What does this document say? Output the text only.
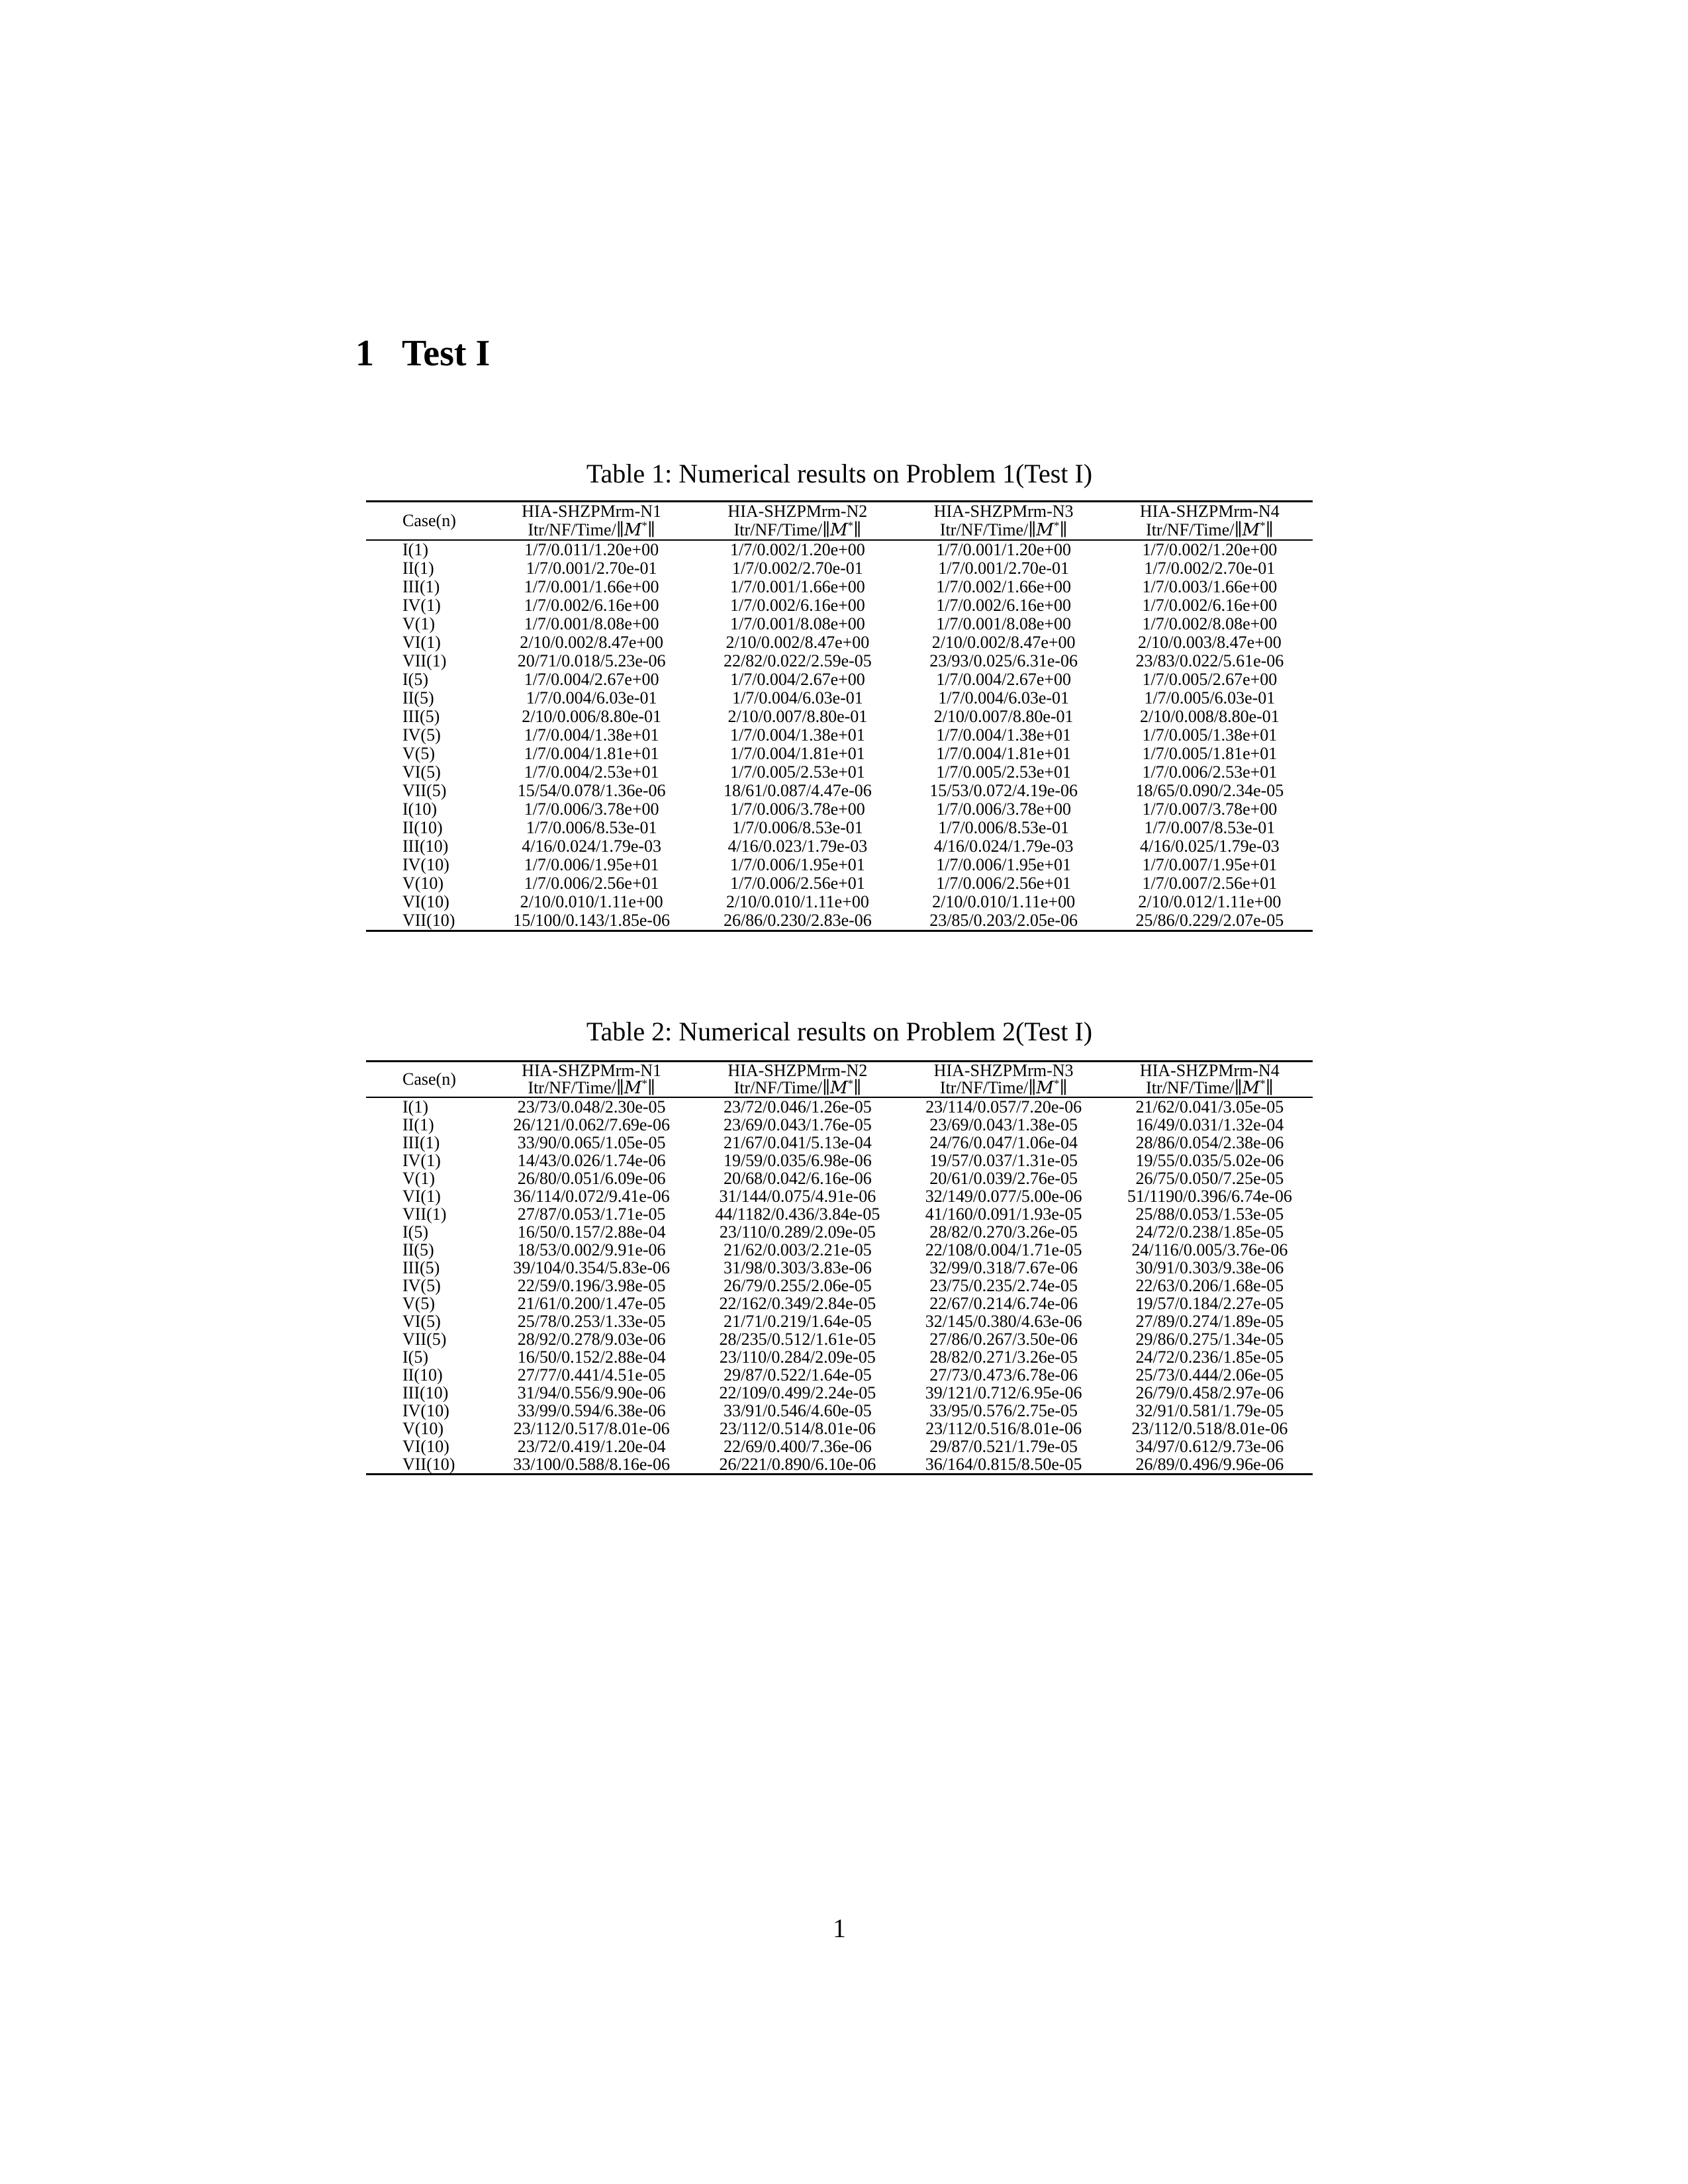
1 Test I
Table 1: Numerical results on Problem 1(Test I)
Case(n)	HIA-SHZPMrm-N1	HIA-SHZPMrm-N2	HIA-SHZPMrm-N3	HIA-SHZPMrm-N4
	Itr/NF/Time/∥M*∥	Itr/NF/Time/∥M*∥	Itr/NF/Time/∥M*∥	Itr/NF/Time/∥M*∥
I(1)	1/7/0.011/1.20e+00	1/7/0.002/1.20e+00	1/7/0.001/1.20e+00	1/7/0.002/1.20e+00
II(1)	1/7/0.001/2.70e-01	1/7/0.002/2.70e-01	1/7/0.001/2.70e-01	1/7/0.002/2.70e-01
III(1)	1/7/0.001/1.66e+00	1/7/0.001/1.66e+00	1/7/0.002/1.66e+00	1/7/0.003/1.66e+00
IV(1)	1/7/0.002/6.16e+00	1/7/0.002/6.16e+00	1/7/0.002/6.16e+00	1/7/0.002/6.16e+00
V(1)	1/7/0.001/8.08e+00	1/7/0.001/8.08e+00	1/7/0.001/8.08e+00	1/7/0.002/8.08e+00
VI(1)	2/10/0.002/8.47e+00	2/10/0.002/8.47e+00	2/10/0.002/8.47e+00	2/10/0.003/8.47e+00
VII(1)	20/71/0.018/5.23e-06	22/82/0.022/2.59e-05	23/93/0.025/6.31e-06	23/83/0.022/5.61e-06
I(5)	1/7/0.004/2.67e+00	1/7/0.004/2.67e+00	1/7/0.004/2.67e+00	1/7/0.005/2.67e+00
II(5)	1/7/0.004/6.03e-01	1/7/0.004/6.03e-01	1/7/0.004/6.03e-01	1/7/0.005/6.03e-01
III(5)	2/10/0.006/8.80e-01	2/10/0.007/8.80e-01	2/10/0.007/8.80e-01	2/10/0.008/8.80e-01
IV(5)	1/7/0.004/1.38e+01	1/7/0.004/1.38e+01	1/7/0.004/1.38e+01	1/7/0.005/1.38e+01
V(5)	1/7/0.004/1.81e+01	1/7/0.004/1.81e+01	1/7/0.004/1.81e+01	1/7/0.005/1.81e+01
VI(5)	1/7/0.004/2.53e+01	1/7/0.005/2.53e+01	1/7/0.005/2.53e+01	1/7/0.006/2.53e+01
VII(5)	15/54/0.078/1.36e-06	18/61/0.087/4.47e-06	15/53/0.072/4.19e-06	18/65/0.090/2.34e-05
I(10)	1/7/0.006/3.78e+00	1/7/0.006/3.78e+00	1/7/0.006/3.78e+00	1/7/0.007/3.78e+00
II(10)	1/7/0.006/8.53e-01	1/7/0.006/8.53e-01	1/7/0.006/8.53e-01	1/7/0.007/8.53e-01
III(10)	4/16/0.024/1.79e-03	4/16/0.023/1.79e-03	4/16/0.024/1.79e-03	4/16/0.025/1.79e-03
IV(10)	1/7/0.006/1.95e+01	1/7/0.006/1.95e+01	1/7/0.006/1.95e+01	1/7/0.007/1.95e+01
V(10)	1/7/0.006/2.56e+01	1/7/0.006/2.56e+01	1/7/0.006/2.56e+01	1/7/0.007/2.56e+01
VI(10)	2/10/0.010/1.11e+00	2/10/0.010/1.11e+00	2/10/0.010/1.11e+00	2/10/0.012/1.11e+00
VII(10)	15/100/0.143/1.85e-06	26/86/0.230/2.83e-06	23/85/0.203/2.05e-06	25/86/0.229/2.07e-05
Table 2: Numerical results on Problem 2(Test I)
Case(n)	HIA-SHZPMrm-N1	HIA-SHZPMrm-N2	HIA-SHZPMrm-N3	HIA-SHZPMrm-N4
	Itr/NF/Time/∥M*∥	Itr/NF/Time/∥M*∥	Itr/NF/Time/∥M*∥	Itr/NF/Time/∥M*∥
I(1)	23/73/0.048/2.30e-05	23/72/0.046/1.26e-05	23/114/0.057/7.20e-06	21/62/0.041/3.05e-05
II(1)	26/121/0.062/7.69e-06	23/69/0.043/1.76e-05	23/69/0.043/1.38e-05	16/49/0.031/1.32e-04
III(1)	33/90/0.065/1.05e-05	21/67/0.041/5.13e-04	24/76/0.047/1.06e-04	28/86/0.054/2.38e-06
IV(1)	14/43/0.026/1.74e-06	19/59/0.035/6.98e-06	19/57/0.037/1.31e-05	19/55/0.035/5.02e-06
V(1)	26/80/0.051/6.09e-06	20/68/0.042/6.16e-06	20/61/0.039/2.76e-05	26/75/0.050/7.25e-05
VI(1)	36/114/0.072/9.41e-06	31/144/0.075/4.91e-06	32/149/0.077/5.00e-06	51/1190/0.396/6.74e-06
VII(1)	27/87/0.053/1.71e-05	44/1182/0.436/3.84e-05	41/160/0.091/1.93e-05	25/88/0.053/1.53e-05
I(5)	16/50/0.157/2.88e-04	23/110/0.289/2.09e-05	28/82/0.270/3.26e-05	24/72/0.238/1.85e-05
II(5)	18/53/0.002/9.91e-06	21/62/0.003/2.21e-05	22/108/0.004/1.71e-05	24/116/0.005/3.76e-06
III(5)	39/104/0.354/5.83e-06	31/98/0.303/3.83e-06	32/99/0.318/7.67e-06	30/91/0.303/9.38e-06
IV(5)	22/59/0.196/3.98e-05	26/79/0.255/2.06e-05	23/75/0.235/2.74e-05	22/63/0.206/1.68e-05
V(5)	21/61/0.200/1.47e-05	22/162/0.349/2.84e-05	22/67/0.214/6.74e-06	19/57/0.184/2.27e-05
VI(5)	25/78/0.253/1.33e-05	21/71/0.219/1.64e-05	32/145/0.380/4.63e-06	27/89/0.274/1.89e-05
VII(5)	28/92/0.278/9.03e-06	28/235/0.512/1.61e-05	27/86/0.267/3.50e-06	29/86/0.275/1.34e-05
I(5)	16/50/0.152/2.88e-04	23/110/0.284/2.09e-05	28/82/0.271/3.26e-05	24/72/0.236/1.85e-05
II(10)	27/77/0.441/4.51e-05	29/87/0.522/1.64e-05	27/73/0.473/6.78e-06	25/73/0.444/2.06e-05
III(10)	31/94/0.556/9.90e-06	22/109/0.499/2.24e-05	39/121/0.712/6.95e-06	26/79/0.458/2.97e-06
IV(10)	33/99/0.594/6.38e-06	33/91/0.546/4.60e-05	33/95/0.576/2.75e-05	32/91/0.581/1.79e-05
V(10)	23/112/0.517/8.01e-06	23/112/0.514/8.01e-06	23/112/0.516/8.01e-06	23/112/0.518/8.01e-06
VI(10)	23/72/0.419/1.20e-04	22/69/0.400/7.36e-06	29/87/0.521/1.79e-05	34/97/0.612/9.73e-06
VII(10)	33/100/0.588/8.16e-06	26/221/0.890/6.10e-06	36/164/0.815/8.50e-05	26/89/0.496/9.96e-06
1
